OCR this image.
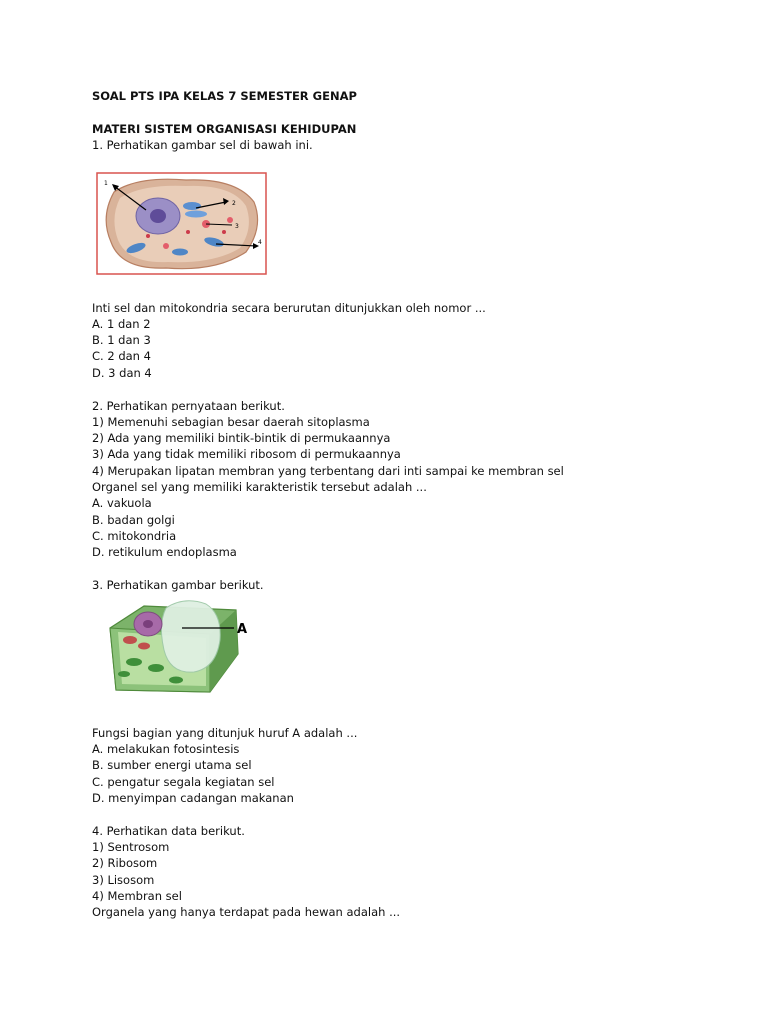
SOAL PTS IPA KELAS 7 SEMESTER GENAP
MATERI SISTEM ORGANISASI KEHIDUPAN
1. Perhatikan gambar sel di bawah ini.
1
2
3
4
Inti sel dan mitokondria secara berurutan ditunjukkan oleh nomor ...
A. 1 dan 2
B. 1 dan 3
C. 2 dan 4
D. 3 dan 4
2. Perhatikan pernyataan berikut.
1) Memenuhi sebagian besar daerah sitoplasma
2) Ada yang memiliki bintik-bintik di permukaannya
3) Ada yang tidak memiliki ribosom di permukaannya
4) Merupakan lipatan membran yang terbentang dari inti sampai ke membran sel
Organel sel yang memiliki karakteristik tersebut adalah ...
A. vakuola
B. badan golgi
C. mitokondria
D. retikulum endoplasma
3. Perhatikan gambar berikut.
A
Fungsi bagian yang ditunjuk huruf A adalah ...
A. melakukan fotosintesis
B. sumber energi utama sel
C. pengatur segala kegiatan sel
D. menyimpan cadangan makanan
4. Perhatikan data berikut.
1) Sentrosom
2) Ribosom
3) Lisosom
4) Membran sel
Organela yang hanya terdapat pada hewan adalah ...
